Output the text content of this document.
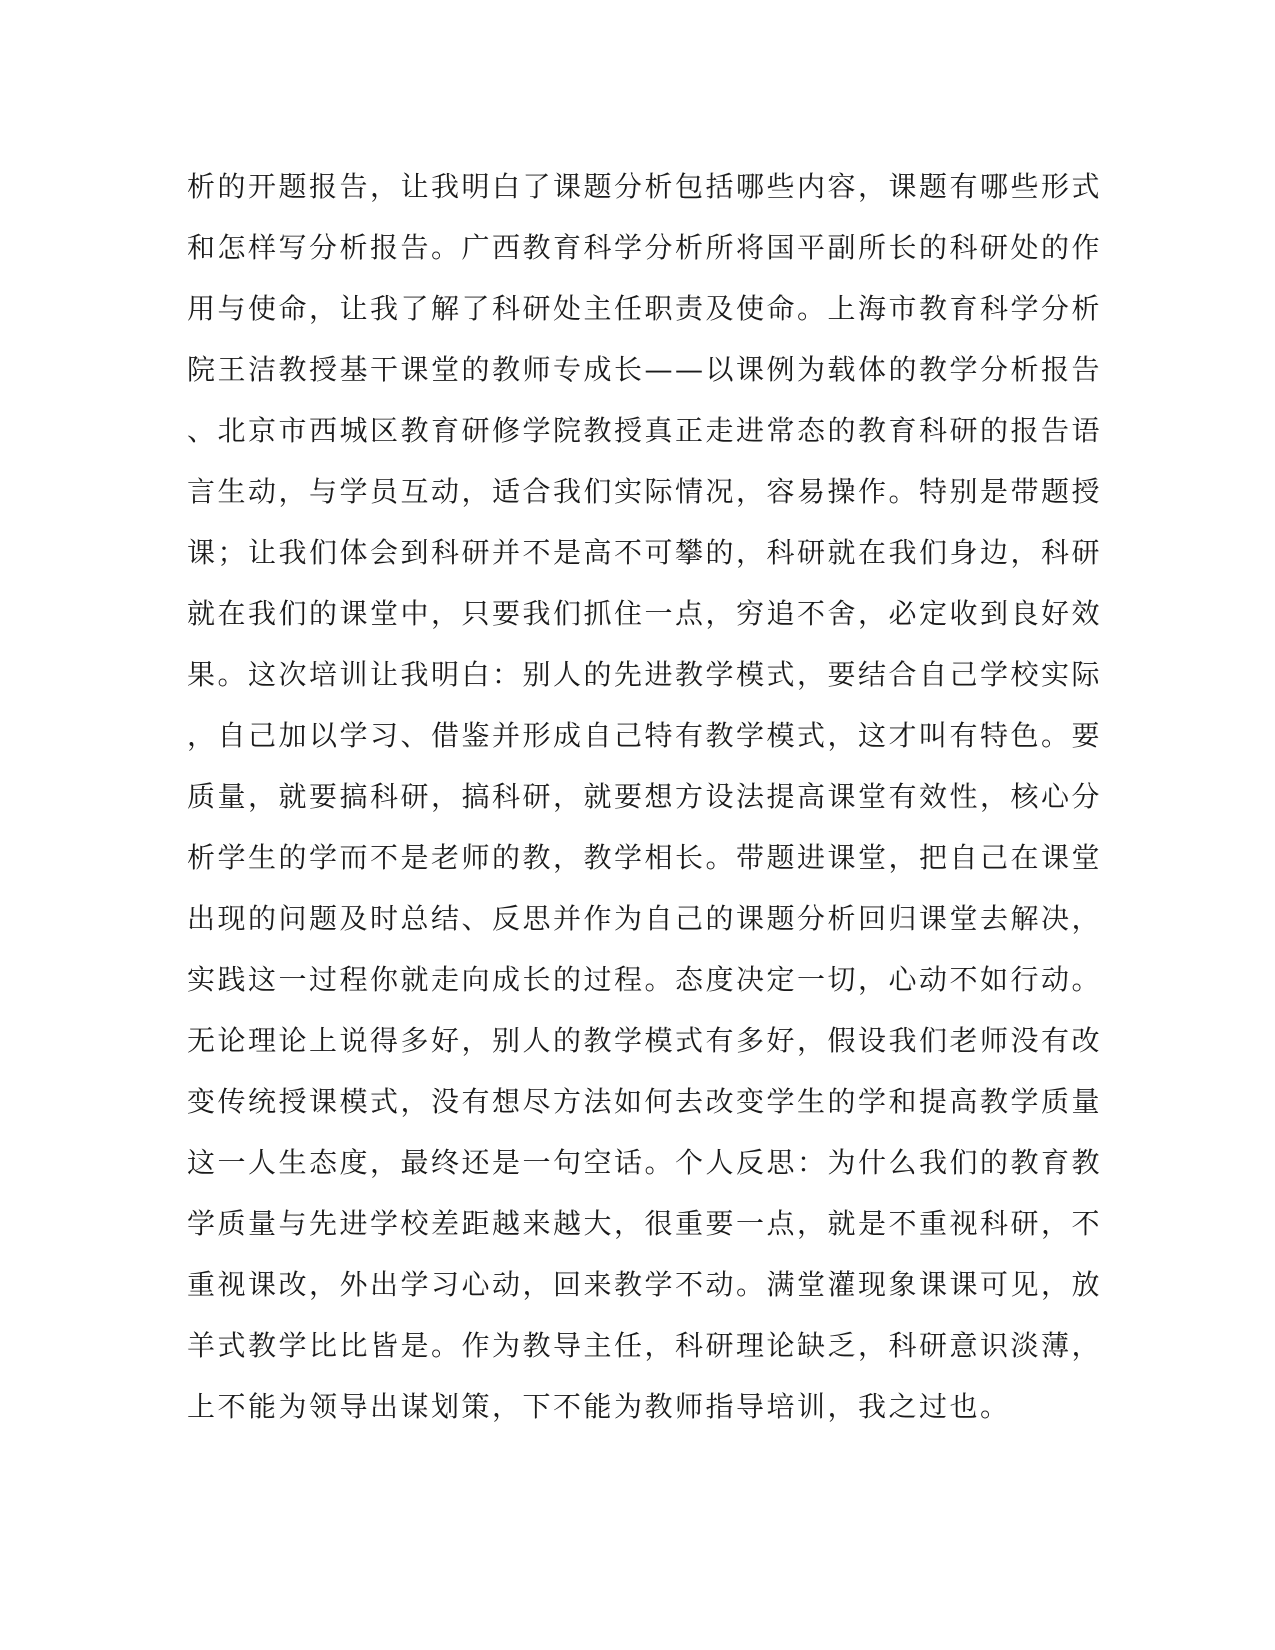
析的开题报告，让我明白了课题分析包括哪些内容，课题有哪些形式
和怎样写分析报告。广西教育科学分析所将国平副所长的科研处的作
用与使命，让我了解了科研处主任职责及使命。上海市教育科学分析
院王洁教授基干课堂的教师专成长——以课例为载体的教学分析报告
、北京市西城区教育研修学院教授真正走进常态的教育科研的报告语
言生动，与学员互动，适合我们实际情况，容易操作。特别是带题授
课；让我们体会到科研并不是高不可攀的，科研就在我们身边，科研
就在我们的课堂中，只要我们抓住一点，穷追不舍，必定收到良好效
果。这次培训让我明白：别人的先进教学模式，要结合自己学校实际
，自己加以学习、借鉴并形成自己特有教学模式，这才叫有特色。要
质量，就要搞科研，搞科研，就要想方设法提高课堂有效性，核心分
析学生的学而不是老师的教，教学相长。带题进课堂，把自己在课堂
出现的问题及时总结、反思并作为自己的课题分析回归课堂去解决，
实践这一过程你就走向成长的过程。态度决定一切，心动不如行动。
无论理论上说得多好，别人的教学模式有多好，假设我们老师没有改
变传统授课模式，没有想尽方法如何去改变学生的学和提高教学质量
这一人生态度，最终还是一句空话。个人反思：为什么我们的教育教
学质量与先进学校差距越来越大，很重要一点，就是不重视科研，不
重视课改，外出学习心动，回来教学不动。满堂灌现象课课可见，放
羊式教学比比皆是。作为教导主任，科研理论缺乏，科研意识淡薄，
上不能为领导出谋划策，下不能为教师指导培训，我之过也。
